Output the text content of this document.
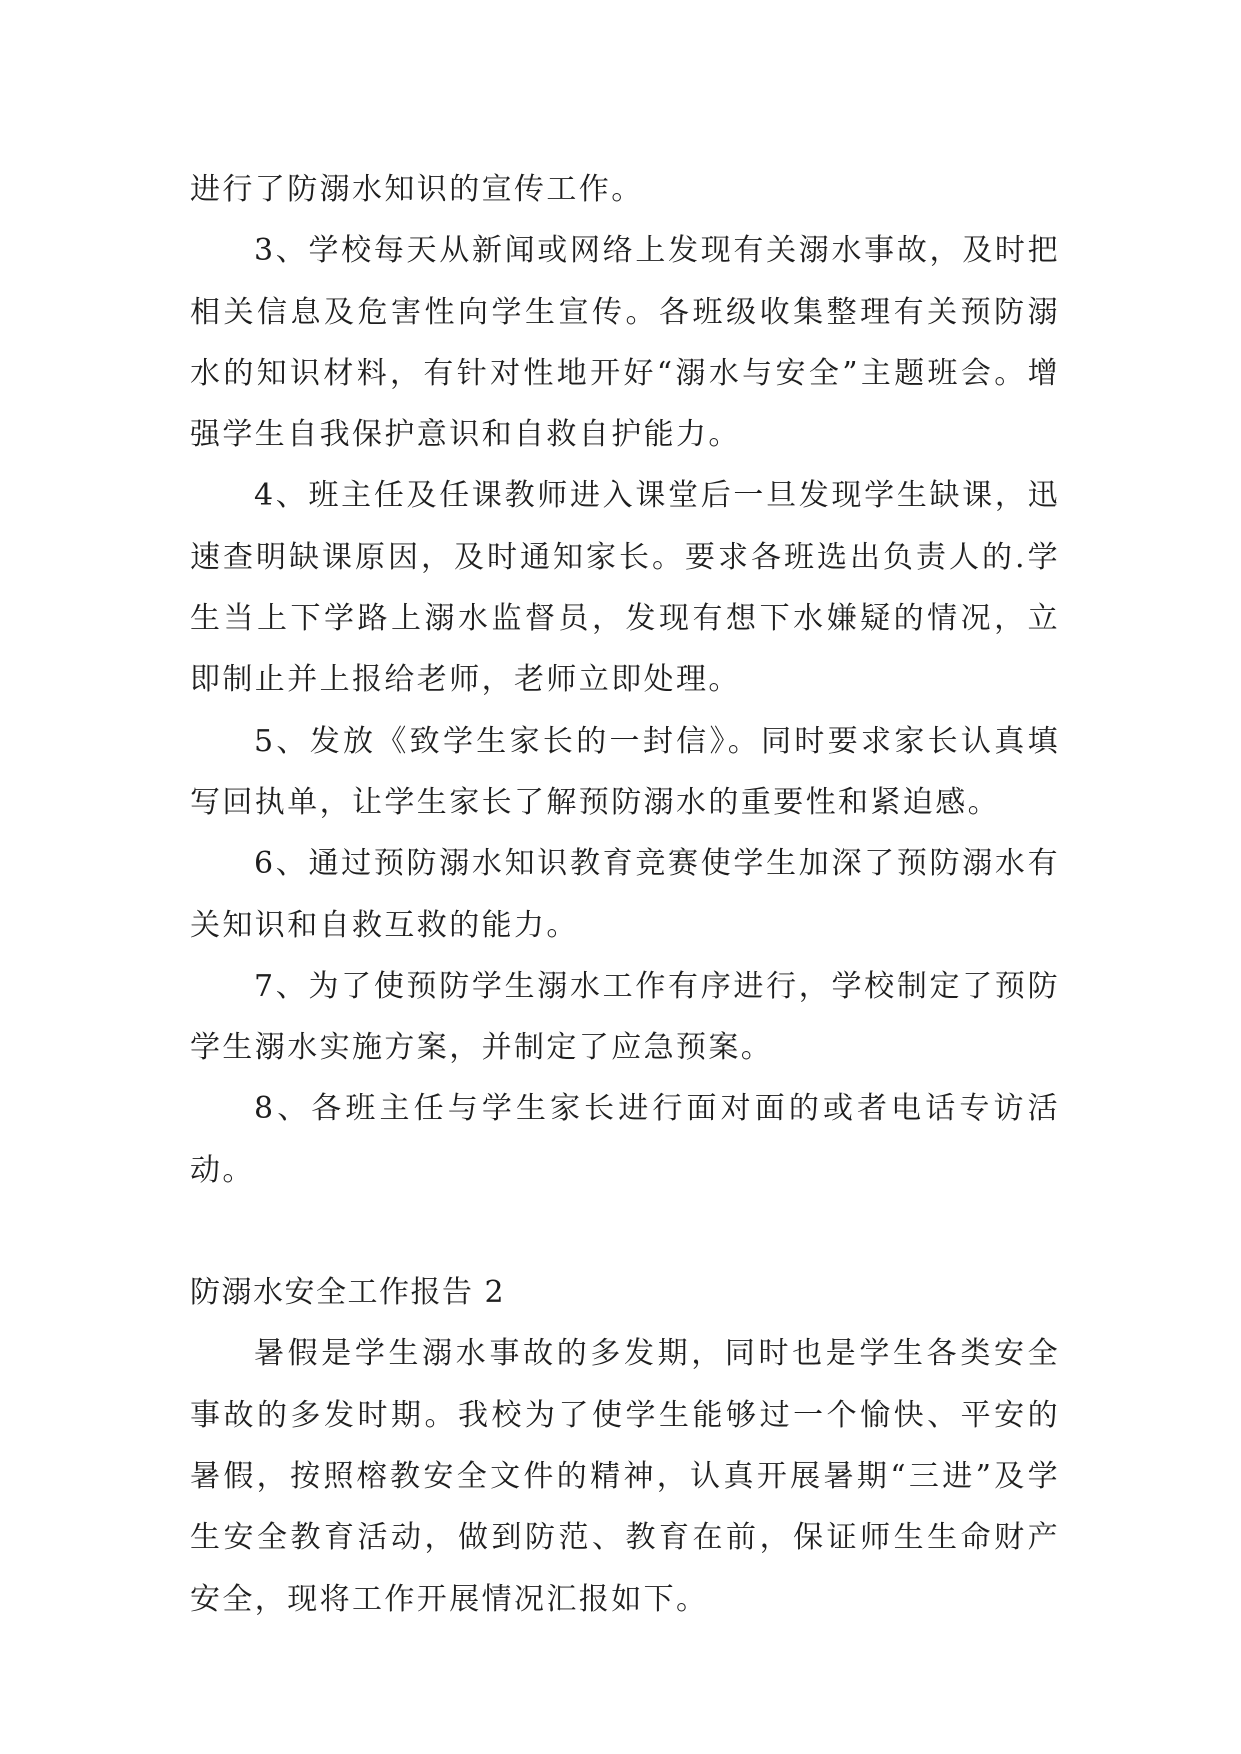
进行了防溺水知识的宣传工作。

3、学校每天从新闻或网络上发现有关溺水事故，及时把相关信息及危害性向学生宣传。各班级收集整理有关预防溺水的知识材料，有针对性地开好“溺水与安全”主题班会。增强学生自我保护意识和自救自护能力。

4、班主任及任课教师进入课堂后一旦发现学生缺课，迅速查明缺课原因，及时通知家长。要求各班选出负责人的.学生当上下学路上溺水监督员，发现有想下水嫌疑的情况，立即制止并上报给老师，老师立即处理。

5、发放《致学生家长的一封信》。同时要求家长认真填写回执单，让学生家长了解预防溺水的重要性和紧迫感。

6、通过预防溺水知识教育竞赛使学生加深了预防溺水有关知识和自救互救的能力。

7、为了使预防学生溺水工作有序进行，学校制定了预防学生溺水实施方案，并制定了应急预案。

8、各班主任与学生家长进行面对面的或者电话专访活动。

防溺水安全工作报告 2

暑假是学生溺水事故的多发期，同时也是学生各类安全事故的多发时期。我校为了使学生能够过一个愉快、平安的暑假，按照榕教安全文件的精神，认真开展暑期“三进”及学生安全教育活动，做到防范、教育在前，保证师生生命财产安全，现将工作开展情况汇报如下。
